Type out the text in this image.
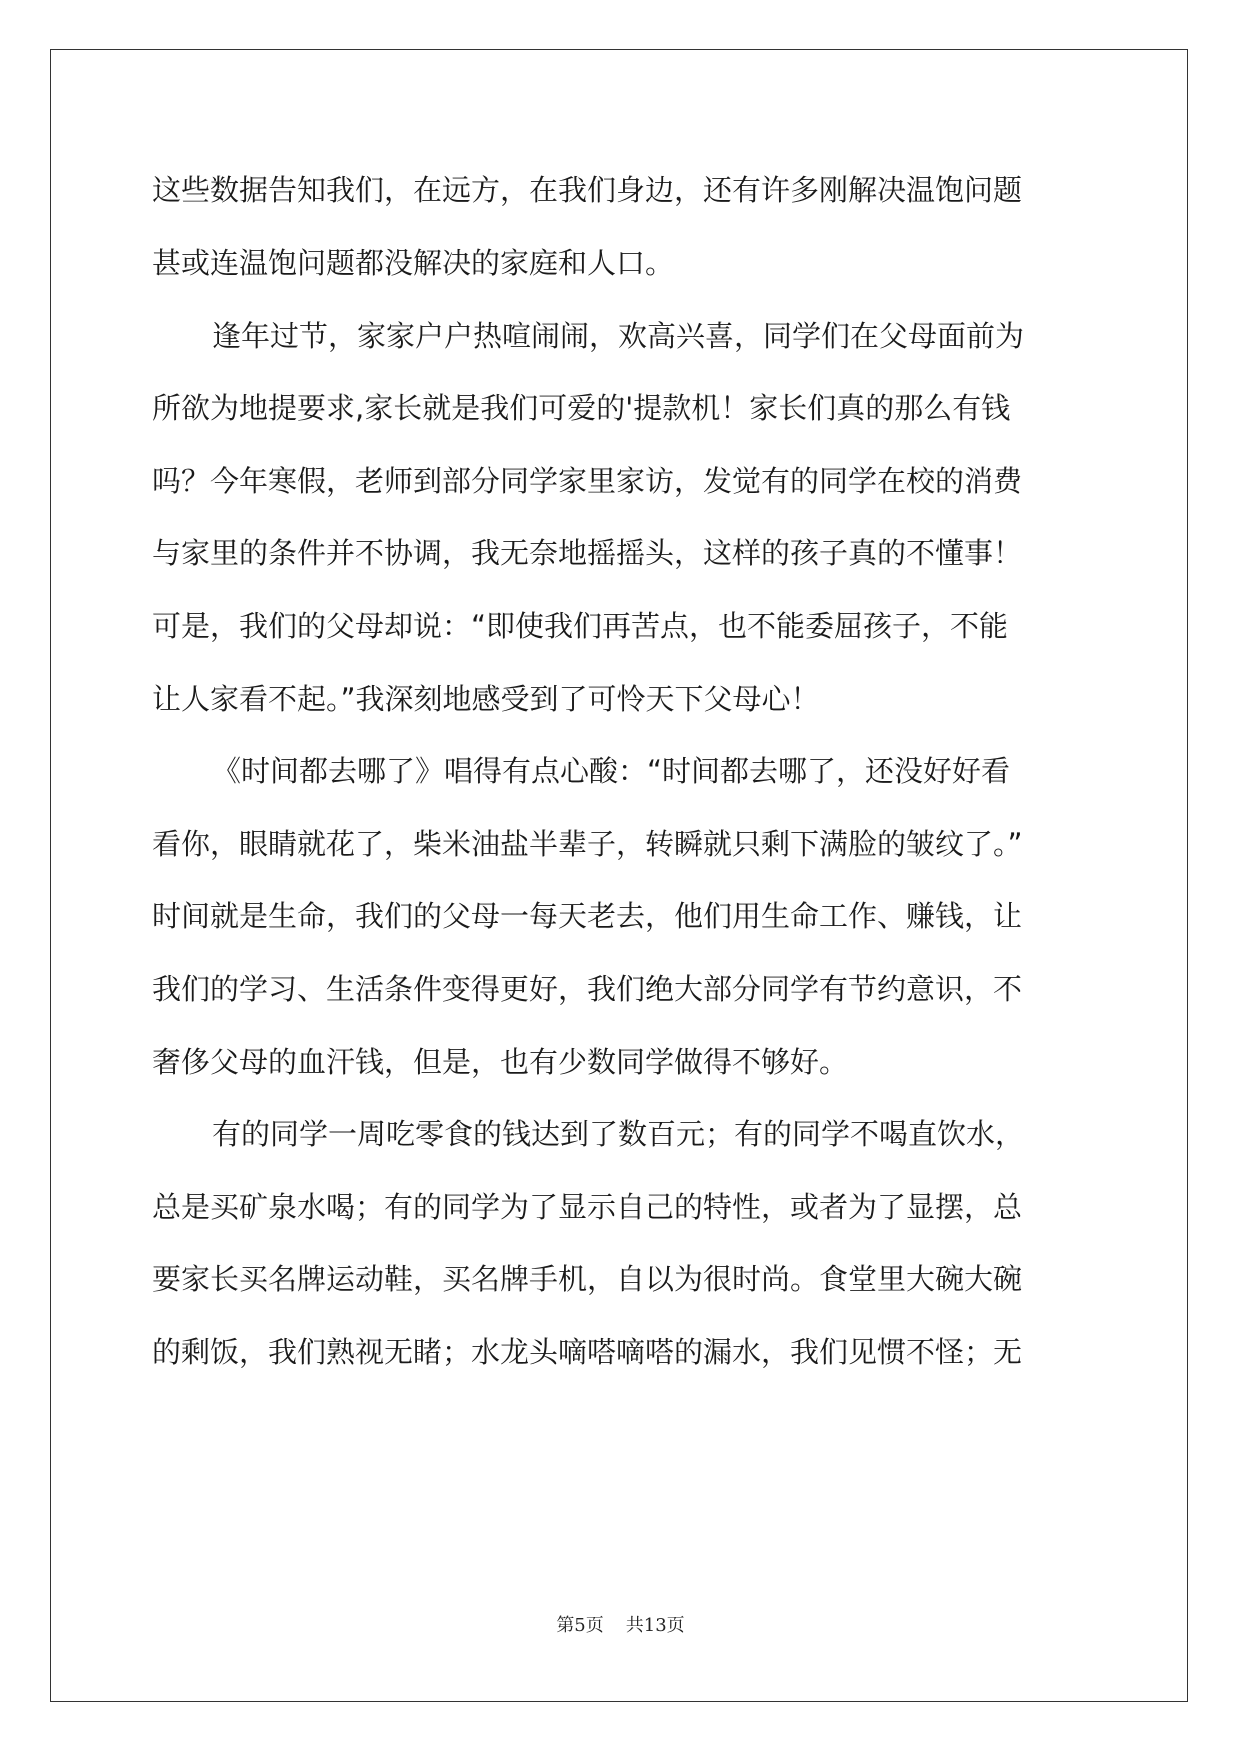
这些数据告知我们，在远方，在我们身边，还有许多刚解决温饱问题
甚或连温饱问题都没解决的家庭和人口。
逢年过节，家家户户热喧闹闹，欢高兴喜，同学们在父母面前为
所欲为地提要求,家长就是我们可爱的'提款机！家长们真的那么有钱
吗？今年寒假，老师到部分同学家里家访，发觉有的同学在校的消费
与家里的条件并不协调，我无奈地摇摇头，这样的孩子真的不懂事！
可是，我们的父母却说：“即使我们再苦点，也不能委屈孩子，不能
让人家看不起。”我深刻地感受到了可怜天下父母心！
《时间都去哪了》唱得有点心酸：“时间都去哪了，还没好好看
看你，眼睛就花了，柴米油盐半辈子，转瞬就只剩下满脸的皱纹了。”
时间就是生命，我们的父母一每天老去，他们用生命工作、赚钱，让
我们的学习、生活条件变得更好，我们绝大部分同学有节约意识，不
奢侈父母的血汗钱，但是，也有少数同学做得不够好。
有的同学一周吃零食的钱达到了数百元；有的同学不喝直饮水，
总是买矿泉水喝；有的同学为了显示自己的特性，或者为了显摆，总
要家长买名牌运动鞋，买名牌手机，自以为很时尚。食堂里大碗大碗
的剩饭，我们熟视无睹；水龙头嘀嗒嘀嗒的漏水，我们见惯不怪；无
第5页 共13页
